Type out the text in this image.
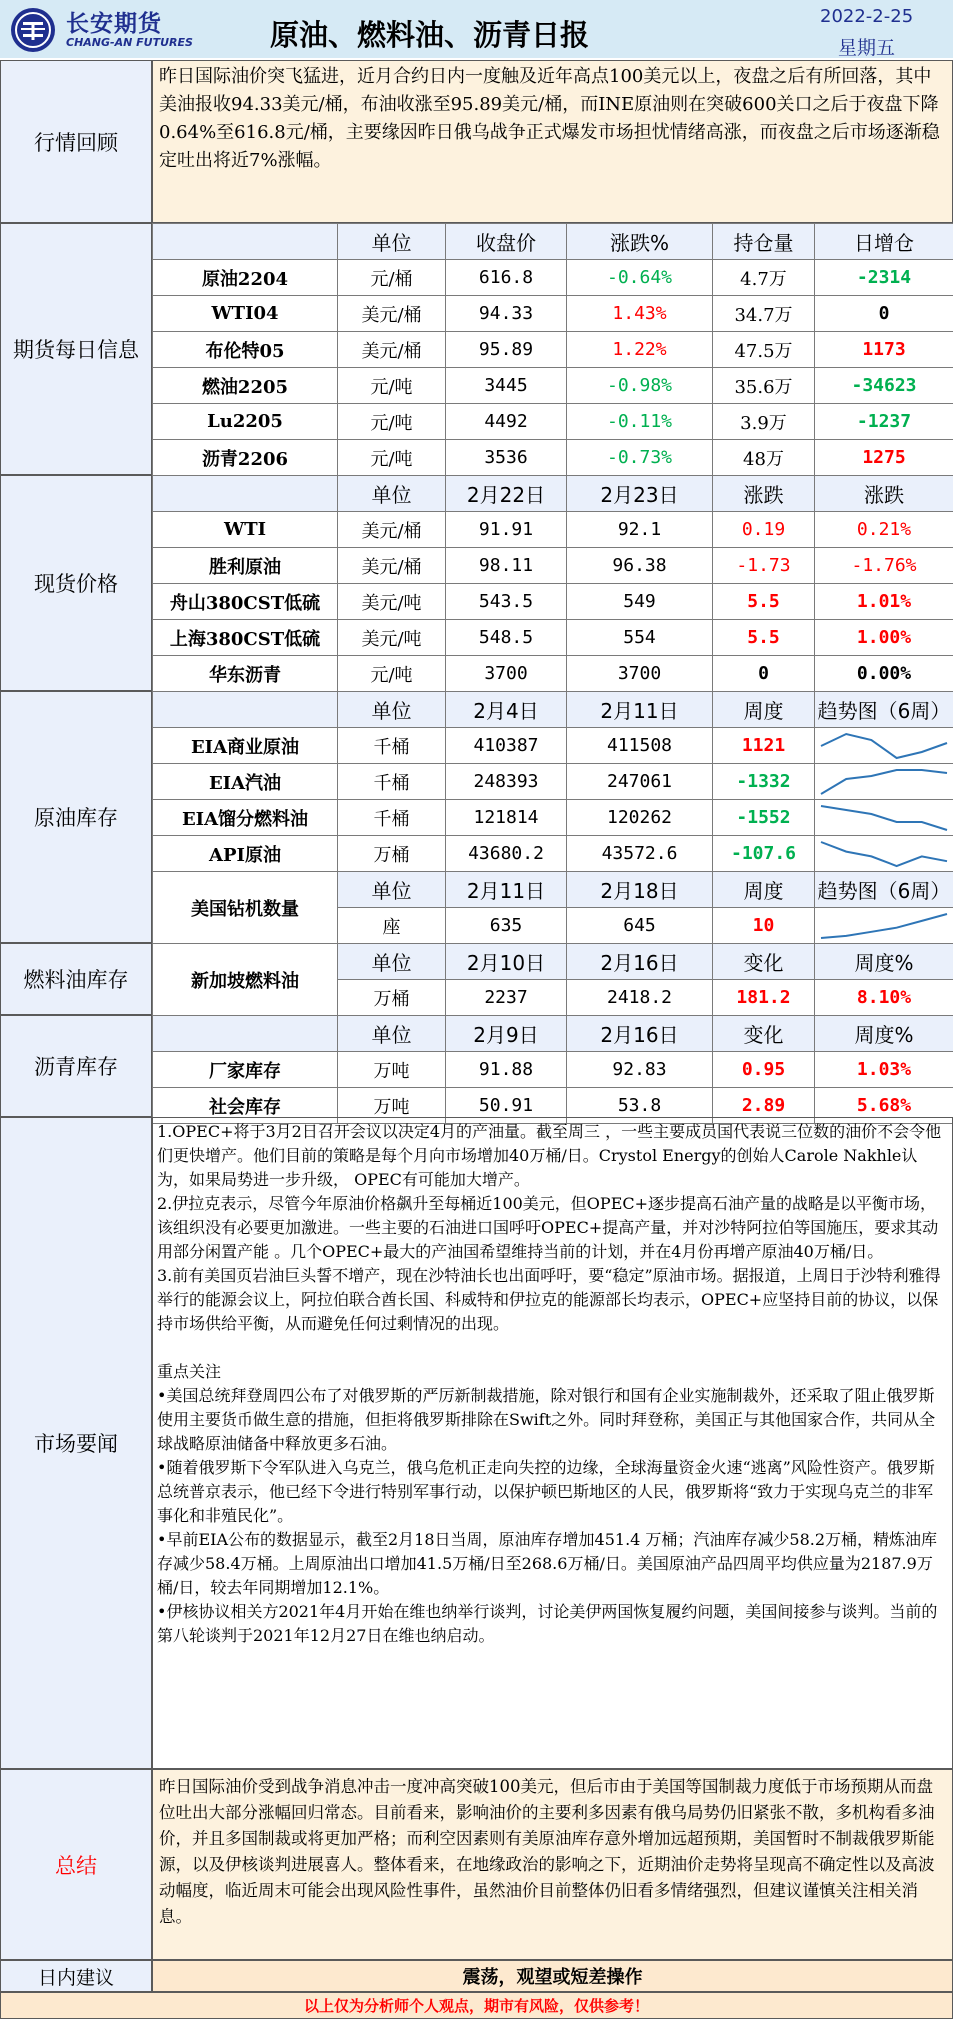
长安期货
CHANG-AN FUTURES	原油、燃料油、沥青日报
2022-2-25
星期五
行情回顾
昨日国际油价突飞猛进，近月合约日内一度触及近年高点100美元以上，夜盘之后有所回落，其中美油报收94.33美元/桶，布油收涨至95.89美元/桶，而INE原油则在突破600关口之后于夜盘下降0.64%至616.8元/桶，主要缘因昨日俄乌战争正式爆发市场担忧情绪高涨，而夜盘之后市场逐渐稳定吐出将近7%涨幅。
期货每日信息
	单位	收盘价	涨跌%	持仓量	日增仓
原油2204	元/桶	616.8	-0.64%	4.7万	-2314
WTI04	美元/桶	94.33	1.43%	34.7万	0
布伦特05	美元/桶	95.89	1.22%	47.5万	1173
燃油2205	元/吨	3445	-0.98%	35.6万	-34623
Lu2205	元/吨	4492	-0.11%	3.9万	-1237
沥青2206	元/吨	3536	-0.73%	48万	1275
现货价格
	单位	2月22日	2月23日	涨跌	涨跌
WTI	美元/桶	91.91	92.1	0.19	0.21%
胜利原油	美元/桶	98.11	96.38	-1.73	-1.76%
舟山380CST低硫	美元/吨	543.5	549	5.5	1.01%
上海380CST低硫	美元/吨	548.5	554	5.5	1.00%
华东沥青	元/吨	3700	3700	0	0.00%
原油库存
	单位	2月4日	2月11日	周度	趋势图（6周）
EIA商业原油	千桶	410387	411508	1121	

EIA汽油	千桶	248393	247061	-1332	

EIA馏分燃料油	千桶	121814	120262	-1552	

API原油	万桶	43680.2	43572.6	-107.6	

美国钻机数量	单位	2月11日	2月18日	周度	趋势图（6周）
	座	635	645	10	
燃料油库存	新加坡燃料油	单位	2月10日	2月16日	变化	周度%
	万桶	2237	2418.2	181.2	8.10%
沥青库存
	单位	2月9日	2月16日	变化	周度%
厂家库存	万吨	91.88	92.83	0.95	1.03%
社会库存	万吨	50.91	53.8	2.89	5.68%
市场要闻

1.OPEC+将于3月2日召开会议以决定4月的产油量。截至周三 ，一些主要成员国代表说三位数的油价不会令他们更快增产。他们目前的策略是每个月向市场增加40万桶/日。Crystol Energy的创始人Carole Nakhle认为，如果局势进一步升级， OPEC有可能加大增产。

2.伊拉克表示，尽管今年原油价格飙升至每桶近100美元，但OPEC+逐步提高石油产量的战略是以平衡市场，该组织没有必要更加激进。一些主要的石油进口国呼吁OPEC+提高产量，并对沙特阿拉伯等国施压，要求其动用部分闲置产能 。几个OPEC+最大的产油国希望维持当前的计划，并在4月份再增产原油40万桶/日。

3.前有美国页岩油巨头誓不增产，现在沙特油长也出面呼吁，要“稳定”原油市场。据报道，上周日于沙特利雅得举行的能源会议上，阿拉伯联合酋长国、科威特和伊拉克的能源部长均表示，OPEC+应坚持目前的协议，以保持市场供给平衡，从而避免任何过剩情况的出现。

重点关注

•美国总统拜登周四公布了对俄罗斯的严厉新制裁措施，除对银行和国有企业实施制裁外，还采取了阻止俄罗斯使用主要货币做生意的措施，但拒将俄罗斯排除在Swift之外。同时拜登称，美国正与其他国家合作，共同从全球战略原油储备中释放更多石油。

•随着俄罗斯下令军队进入乌克兰，俄乌危机正走向失控的边缘，全球海量资金火速“逃离”风险性资产。俄罗斯总统普京表示，他已经下令进行特别军事行动，以保护顿巴斯地区的人民，俄罗斯将“致力于实现乌克兰的非军事化和非殖民化”。

•早前EIA公布的数据显示，截至2月18日当周，原油库存增加451.4 万桶；汽油库存减少58.2万桶，精炼油库存减少58.4万桶。上周原油出口增加41.5万桶/日至268.6万桶/日。美国原油产品四周平均供应量为2187.9万桶/日，较去年同期增加12.1%。

•伊核协议相关方2021年4月开始在维也纳举行谈判，讨论美伊两国恢复履约问题，美国间接参与谈判。当前的第八轮谈判于2021年12月27日在维也纳启动。

总结
昨日国际油价受到战争消息冲击一度冲高突破100美元，但后市由于美国等国制裁力度低于市场预期从而盘位吐出大部分涨幅回归常态。目前看来，影响油价的主要利多因素有俄乌局势仍旧紧张不散，多机构看多油价，并且多国制裁或将更加严格；而利空因素则有美原油库存意外增加远超预期，美国暂时不制裁俄罗斯能源，以及伊核谈判进展喜人。整体看来，在地缘政治的影响之下，近期油价走势将呈现高不确定性以及高波动幅度，临近周末可能会出现风险性事件，虽然油价目前整体仍旧看多情绪强烈，但建议谨慎关注相关消息。
日内建议	震荡，观望或短差操作
以上仅为分析师个人观点，期市有风险，仅供参考！
